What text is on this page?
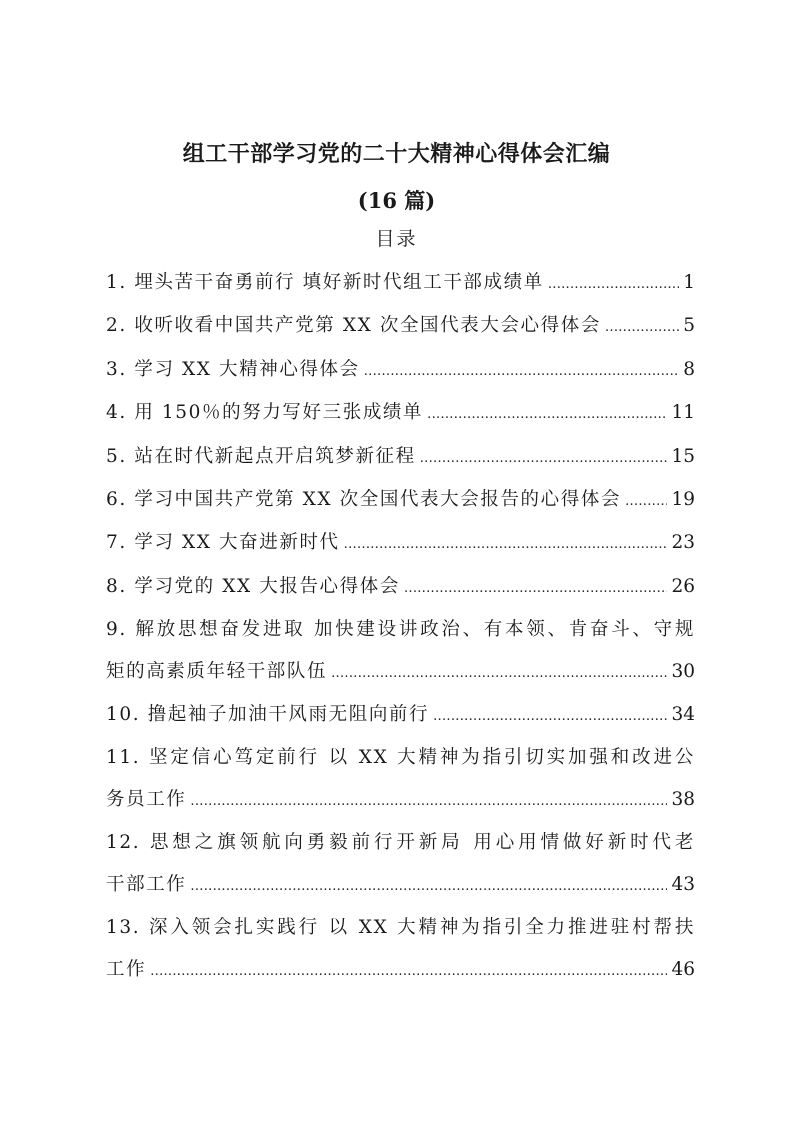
组工干部学习党的二十大精神心得体会汇编
(16 篇)
目录
1. 埋头苦干奋勇前行 填好新时代组工干部成绩单 .....	1
2. 收听收看中国共产党第 XX 次全国代表大会心得体会 .....	5
3. 学习 XX 大精神心得体会 .....	8
4. 用 150％的努力写好三张成绩单 .....	11
5. 站在时代新起点开启筑梦新征程 .....	15
6. 学习中国共产党第 XX 次全国代表大会报告的心得体会 .....	19
7. 学习 XX 大奋进新时代 .....	23
8. 学习党的 XX 大报告心得体会 .....	26
9. 解放思想奋发进取 加快建设讲政治、有本领、肯奋斗、守规
矩的高素质年轻干部队伍 .....	30
10. 撸起袖子加油干风雨无阻向前行 .....	34
11. 坚定信心笃定前行 以 XX 大精神为指引切实加强和改进公
务员工作 .....	38
12. 思想之旗领航向勇毅前行开新局 用心用情做好新时代老
干部工作 .....	43
13. 深入领会扎实践行 以 XX 大精神为指引全力推进驻村帮扶
工作 .....	46
